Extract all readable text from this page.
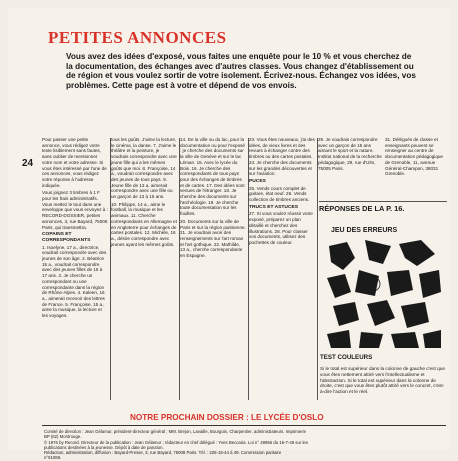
PETITES ANNONCES

Vous avez des idées d'exposé, vous faites une enquête pour le 10 % et vous cherchez de la documentation, des échanges avec d'autres classes. Vous changez d'établissement ou de région et vous voulez sortir de votre isolement. Écrivez-nous. Échangez vos idées, vos problèmes. Cette page est à votre et dépend de vos envois.

24

Pour passer une petite annonce, vous rédigez votre texte lisiblement sans fautes, sans oublier de mentionner votre nom et votre adresse. Si vous êtes intéressé par l'une de ces annonces, vous rédigez votre réponse à l'adresse indiquée.

Vous joignez 3 timbres à 1 F pour les frais administratifs. Vous mettez le tout dans une enveloppe que vous envoyez à : RECORD-DOSSIER, petites annonces, 3, rue Bayard, 75008 Paris, qui transmettra.

COPAINS ET CORRESPONDANTS

1. Isoelyne, 17 a., directrice, voudrait correspondre avec des jeunes de son âge. 2. Béatrice 15 a., voudrait correspondre avec des jeunes filles de 15 à 17 ans. 3. Je cherche un correspondant ou une correspondante dans la région de Rhône-Alpes. 4. Kaleen, 16 a., aimerait recevoir des lettres de France. 5. Françoise, 15 a., aime la musique, la lecture et les voyages.

tous les goûts. J'aime la lecture, le cinéma, la danse. 7. J'aime le théâtre et la peinture, je voudrais correspondre avec une jeune fille qui a les mêmes goûts que moi. 8. Françoise, 14 a., voudrait correspondre avec des jeunes de tous pays. 9. Jeune fille de 13 a. aimerait correspondre avec une fille ou un garçon de 13 à 15 ans.

10. Philippe, 14 a., aime le football, la musique et les animaux. 11. Cherche correspondants en Allemagne et en Angleterre pour échanges de cartes postales. 12. Michèle, 16 a., désire correspondre avec jeunes ayant les mêmes goûts.

14. De la ville ou du lac, pour la documentation ou pour l'exposé : je cherche des documents sur la ville de Genève et sur le lac Léman. 15. Avec le lycée du Bois. 16. Je cherche des correspondants de tous pays pour des échanges de timbres et de cartes. 17. Des idées sont venues de l'étranger. 18. Je cherche des documents sur l'archéologie. 19. Je cherche toute documentation sur les fouilles.

20. Documents sur la ville de Paris et sur la région parisienne. 21. Je voudrais avoir des renseignements sur l'art roman et l'art gothique. 22. Mathilde, 13 a., cherche correspondante en Espagne.

23. Vous êtes nouveaux, j'ai des idées, de vieux livres et des revues à échanger contre des timbres ou des cartes postales. 24. Je cherche des documents sur les grandes découvertes et sur l'aviation.

PUCES

25. Vends cours complet de guitare, état neuf. 26. Vends collection de timbres anciens.

TRUCS ET ASTUCES

27. Si vous voulez réussir votre exposé, préparez un plan détaillé et cherchez des illustrations. 28. Pour classer vos documents, utilisez des pochettes de couleur.

29. Je voudrais correspondre avec un garçon de 15 ans aimant le sport et la nature. Institut national de la recherche pédagogique, 29, rue d'Ulm, 75005 Paris.

31. Délégués de classe et enseignants peuvent se renseigner au centre de documentation pédagogique de Grenoble, 11, avenue Général-Champon, 38031 Grenoble.

RÉPONSES DE LA P. 16.
JEU DES ERREURS
TEST COULEURS

Si le total est supérieur dans la colonne de gauche c'est que vous êtes nettement attiré vers l'intellectualisme et l'abstraction. Si le total est supérieur dans la colonne de droite, c'est que vous êtes plutôt attiré vers le concret, c'est-à-dire l'action et le réel.

NOTRE PROCHAIN DOSSIER : LE LYCÉE D'OSLO

Comité de direction : Jean Gélamur, président-directeur général ; MM. Brejon, Lavaille, Bourgois, Charpentier, administrateurs. Imprimerie
BP (62) Montrouge.
© 1976 by Record. Directeur de la publication : Jean Gélamur ; rédacteur en chef délégué : Yves Beccaria. Loi n° 49956 du 16-7-49 sur les
publications destinées à la jeunesse. Dépôt à date de parution.
Rédaction, administration, diffusion : Bayard-Presse, 3, rue Bayard, 75008 Paris. Tél. : 225-16-44 à 49. Commission paritaire
n°51069.
